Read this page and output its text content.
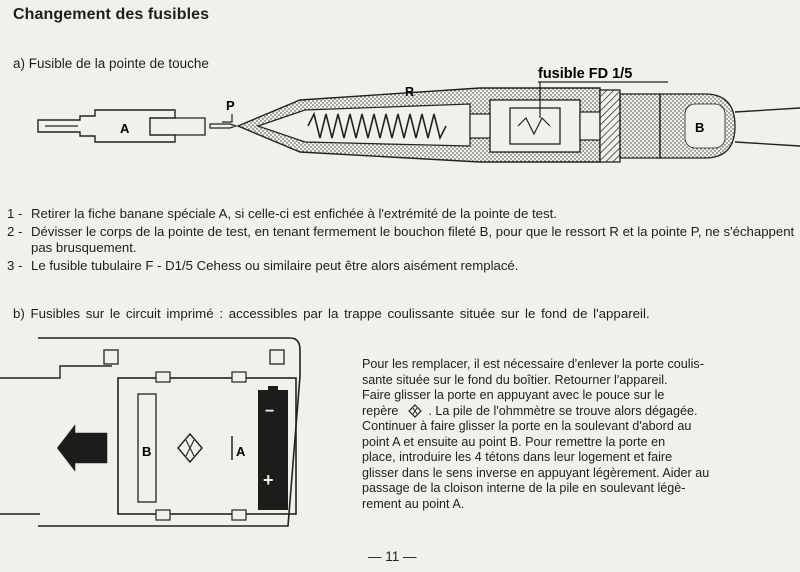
Changement des fusibles
a) Fusible de la pointe de touche
A
P
B
R
fusible FD 1/5
1 - Retirer la fiche banane spéciale A, si celle-ci est enfichée à l'extrémité de la pointe de test.
2 - Dévisser le corps de la pointe de test, en tenant fermement le bouchon fileté B, pour que le ressort R et la pointe P, ne s'échappent pas brusquement.
3 - Le fusible tubulaire F - D1/5 Cehess ou similaire peut être alors aisément remplacé.
b) Fusibles sur le circuit imprimé : accessibles par la trappe coulissante située sur le fond de l'appareil.
B	A
−
+
Pour les remplacer, il est nécessaire d'enlever la porte coulis-
sante située sur le fond du boîtier. Retourner l'appareil.
Faire glisser la porte en appuyant avec le pouce sur le
repère . La pile de l'ohmmètre se trouve alors dégagée.
Continuer à faire glisser la porte en la soulevant d'abord au
point A et ensuite au point B. Pour remettre la porte en
place, introduire les 4 tétons dans leur logement et faire
glisser dans le sens inverse en appuyant légèrement. Aider au
passage de la cloison interne de la pile en soulevant légè-
rement au point A.
— 11 —
